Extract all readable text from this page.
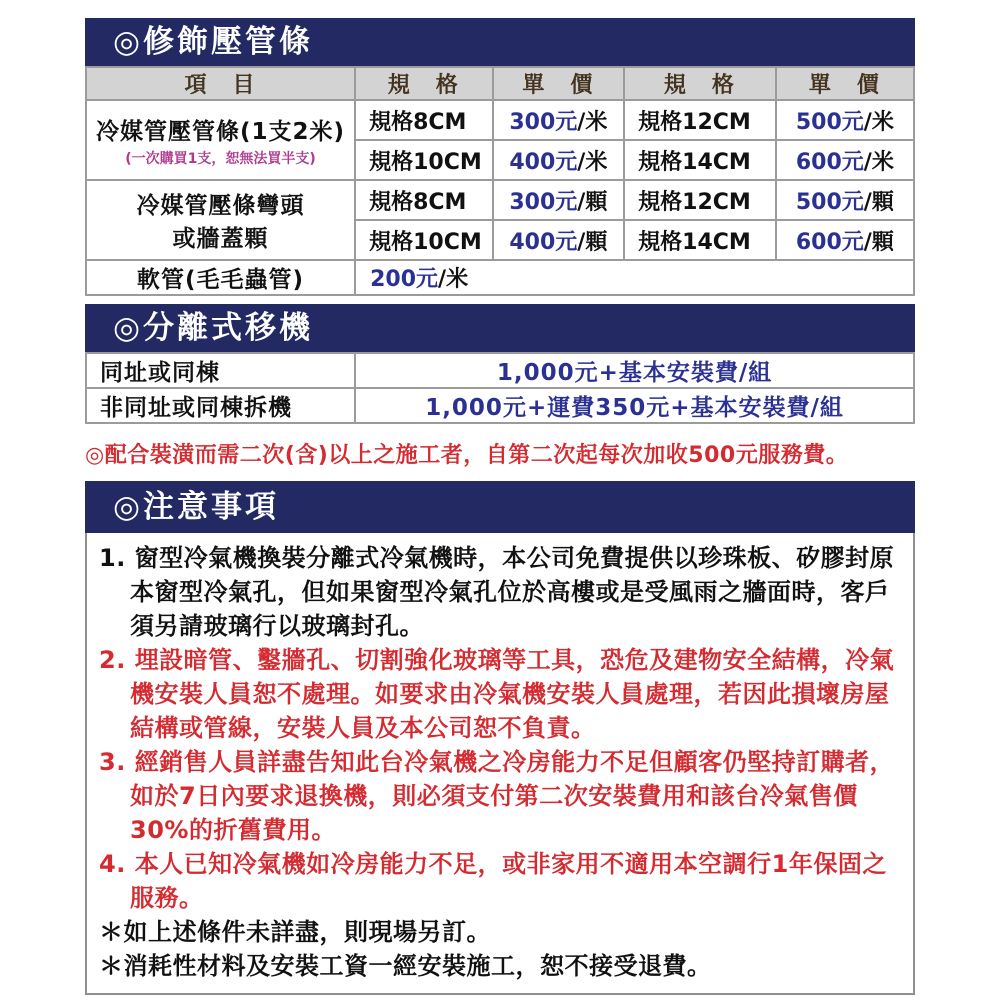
◎修飾壓管條
項　目	規　格	單　價	規　格	單　價
冷媒管壓管條(1支2米)
(一次購買1支，恕無法買半支)	規格8CM	300元/米	規格12CM	500元/米
	規格10CM	400元/米	規格14CM	600元/米

冷媒管壓條彎頭
或牆蓋顆	規格8CM	300元/顆	規格12CM	500元/顆
	規格10CM	400元/顆	規格14CM	600元/顆
軟管(毛毛蟲管)	200元/米			
◎分離式移機
同址或同棟	1,000元+基本安裝費/組
非同址或同棟拆機	1,000元+運費350元+基本安裝費/組
◎配合裝潢而需二次(含)以上之施工者，自第二次起每次加收500元服務費。
◎注意事項
1. 窗型冷氣機換裝分離式冷氣機時，本公司免費提供以珍珠板、矽膠封原本窗型冷氣孔，但如果窗型冷氣孔位於高樓或是受風雨之牆面時，客戶須另請玻璃行以玻璃封孔。
2. 埋設暗管、鑿牆孔、切割強化玻璃等工具，恐危及建物安全結構，冷氣機安裝人員恕不處理。如要求由冷氣機安裝人員處理，若因此損壞房屋結構或管線，安裝人員及本公司恕不負責。
3. 經銷售人員詳盡告知此台冷氣機之冷房能力不足但顧客仍堅持訂購者，如於7日內要求退換機，則必須支付第二次安裝費用和該台冷氣售價30%的折舊費用。
4. 本人已知冷氣機如冷房能力不足，或非家用不適用本空調行1年保固之服務。
＊如上述條件未詳盡，則現場另訂。
＊消耗性材料及安裝工資一經安裝施工，恕不接受退費。
